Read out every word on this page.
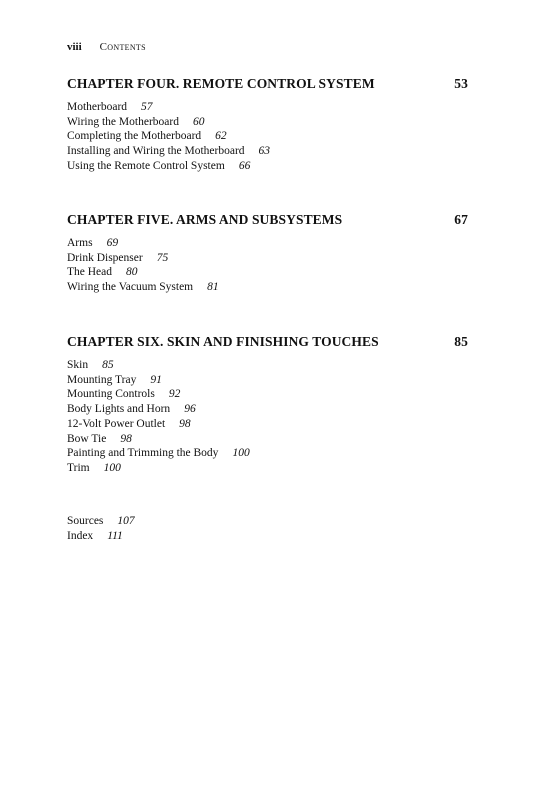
viii Contents
CHAPTER FOUR. REMOTE CONTROL SYSTEM	53
Motherboard 57
Wiring the Motherboard 60
Completing the Motherboard 62
Installing and Wiring the Motherboard 63
Using the Remote Control System 66
CHAPTER FIVE. ARMS AND SUBSYSTEMS	67
Arms 69
Drink Dispenser 75
The Head 80
Wiring the Vacuum System 81
CHAPTER SIX. SKIN AND FINISHING TOUCHES	85
Skin 85
Mounting Tray 91
Mounting Controls 92
Body Lights and Horn 96
12-Volt Power Outlet 98
Bow Tie 98
Painting and Trimming the Body 100
Trim 100
Sources 107
Index 111
